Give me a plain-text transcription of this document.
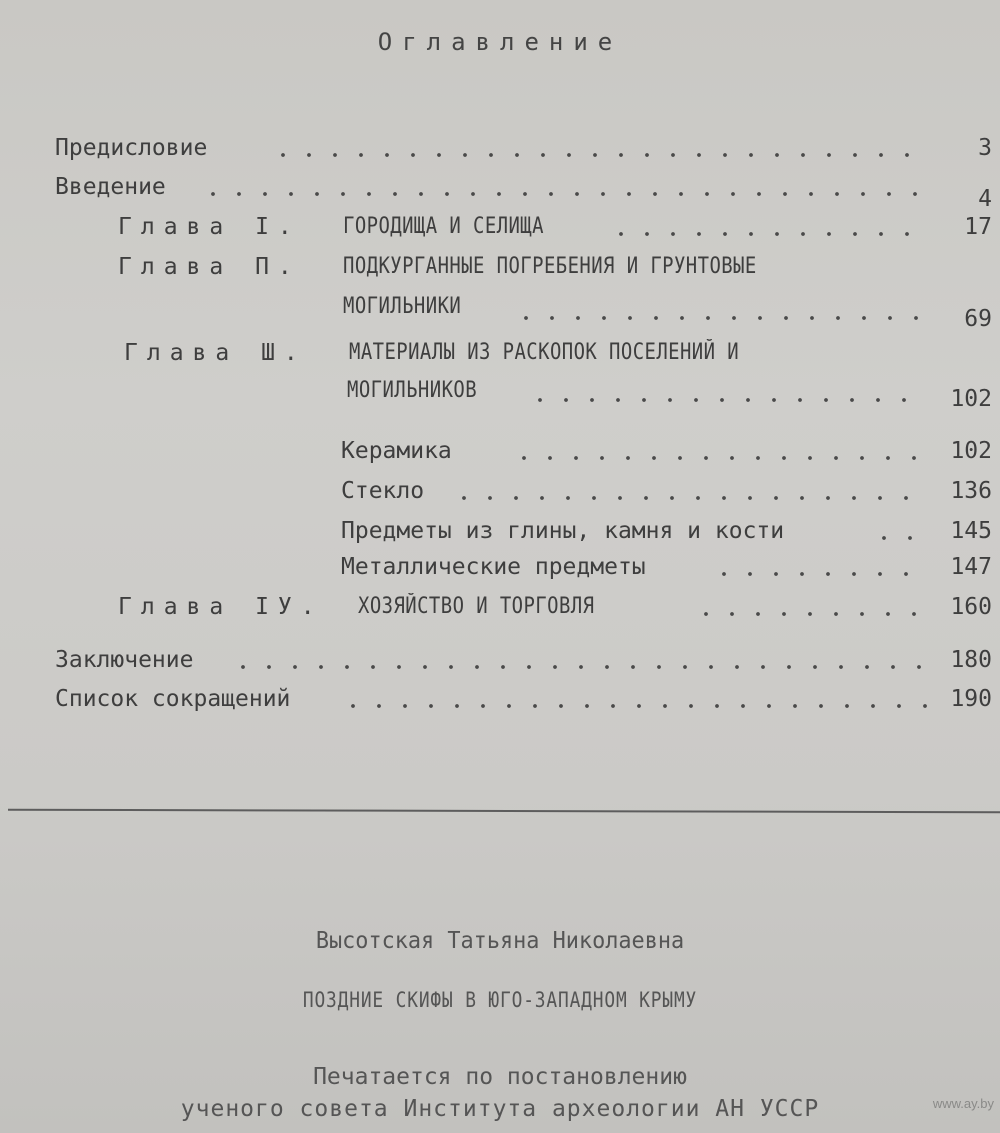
Оглавление
Предисловие	3
Введение	4
Глава I. ГОРОДИЩА И СЕЛИЩА	17
Глава П. ПОДКУРГАННЫЕ ПОГРЕБЕНИЯ И ГРУНТОВЫЕ
МОГИЛЬНИКИ	69
Глава Ш. МАТЕРИАЛЫ ИЗ РАСКОПОК ПОСЕЛЕНИЙ И
МОГИЛЬНИКОВ	102
Керамика	102
Стекло	136
Предметы из глины, камня и кости	145
Металлические предметы	147
Глава IУ. ХОЗЯЙСТВО И ТОРГОВЛЯ	160
Заключение	180
Список сокращений	190
Высотская Татьяна Николаевна
ПОЗДНИЕ СКИФЫ В ЮГО-ЗАПАДНОМ КРЫМУ
Печатается по постановлению
ученого совета Института археологии АН УССР	www.ay.by
